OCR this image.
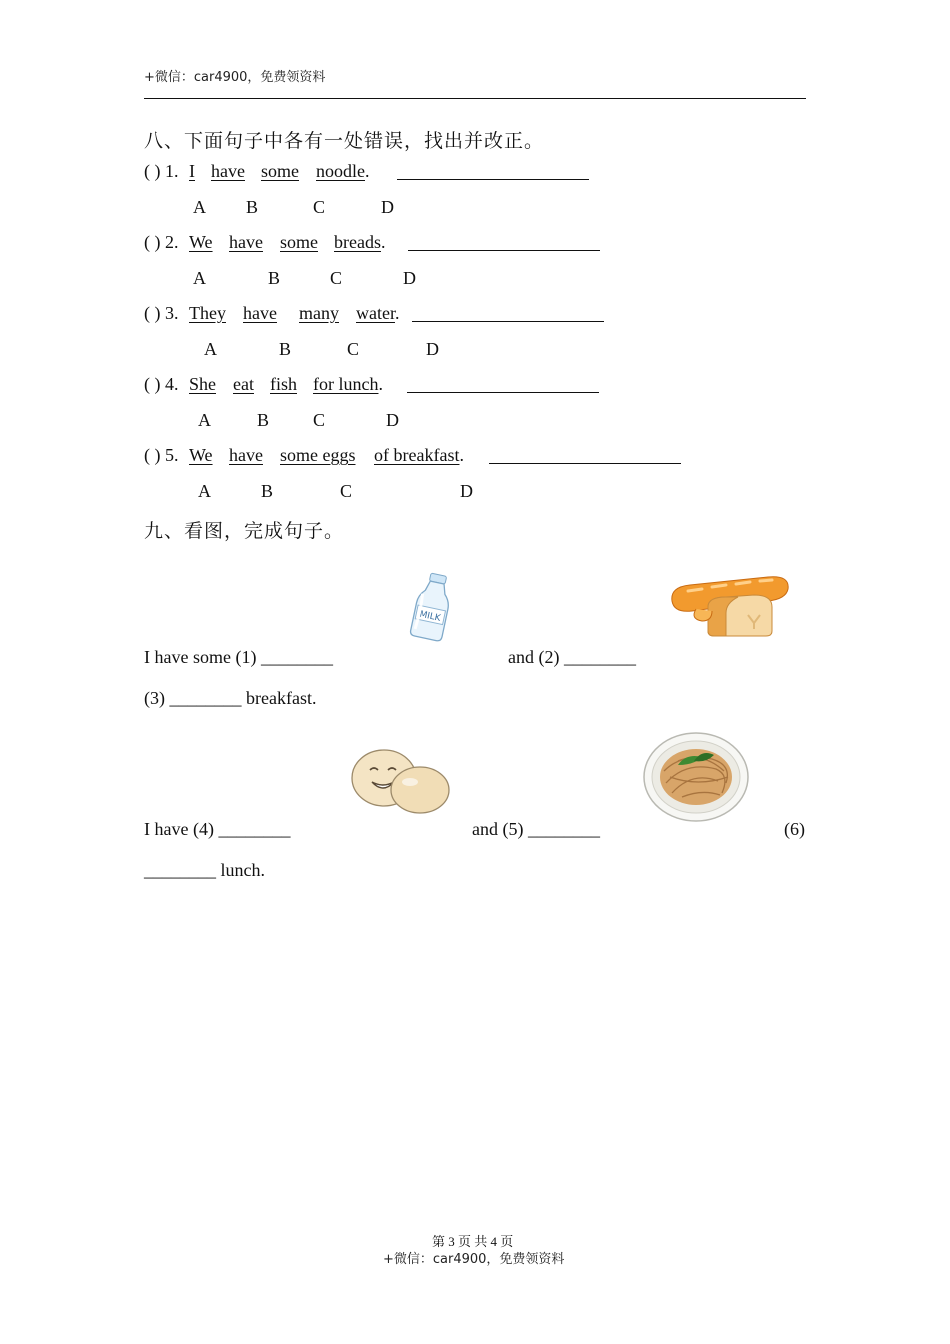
+微信：car4900，免费领资料
八、下面句子中各有一处错误，找出并改正。
( ) 1. I have some noodle.
A B	C	D
( ) 2. We have some breads.
A	B	C	D
( ) 3. They have many water.
A	B	C	D
( ) 4. She eat fish for lunch.
A	B C	D
( ) 5. We have some eggs of breakfast.
A	B	C	D
九、看图，完成句子。
MILK
I have some (1) ________	and (2) ________
(3) ________ breakfast.
I have (4) ________	and (5) ________	(6)
________ lunch.
第 3 页 共 4 页
+微信：car4900，免费领资料
